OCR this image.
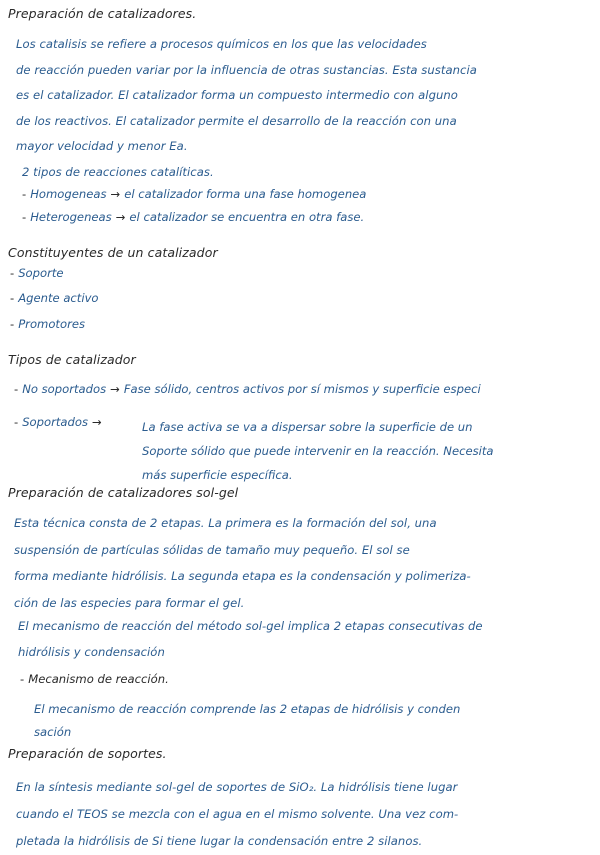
Preparación de catalizadores.
Los catalisis se refiere a procesos químicos en los que las velocidades
de reacción pueden variar por la influencia de otras sustancias. Esta sustancia
es el catalizador. El catalizador forma un compuesto intermedio con alguno
de los reactivos. El catalizador permite el desarrollo de la reacción con una
mayor velocidad y menor Ea.
2 tipos de reacciones catalíticas.
- Homogeneas → el catalizador forma una fase homogenea
- Heterogeneas → el catalizador se encuentra en otra fase.
Constituyentes de un catalizador
- Soporte
- Agente activo
- Promotores
Tipos de catalizador
- No soportados → Fase sólido, centros activos por sí mismos y superficie especi
- Soportados →	La fase activa se va a dispersar sobre la superficie de un
Soporte sólido que puede intervenir en la reacción. Necesita
más superficie específica.
Preparación de catalizadores sol-gel
Esta técnica consta de 2 etapas. La primera es la formación del sol, una
suspensión de partículas sólidas de tamaño muy pequeño. El sol se
forma mediante hidrólisis. La segunda etapa es la condensación y polimeriza-
ción de las especies para formar el gel.
El mecanismo de reacción del método sol-gel implica 2 etapas consecutivas de
hidrólisis y condensación
- Mecanismo de reacción.
El mecanismo de reacción comprende las 2 etapas de hidrólisis y conden
sación
Preparación de soportes.
En la síntesis mediante sol-gel de soportes de SiO₂. La hidrólisis tiene lugar
cuando el TEOS se mezcla con el agua en el mismo solvente. Una vez com-
pletada la hidrólisis de Si tiene lugar la condensación entre 2 silanos.
